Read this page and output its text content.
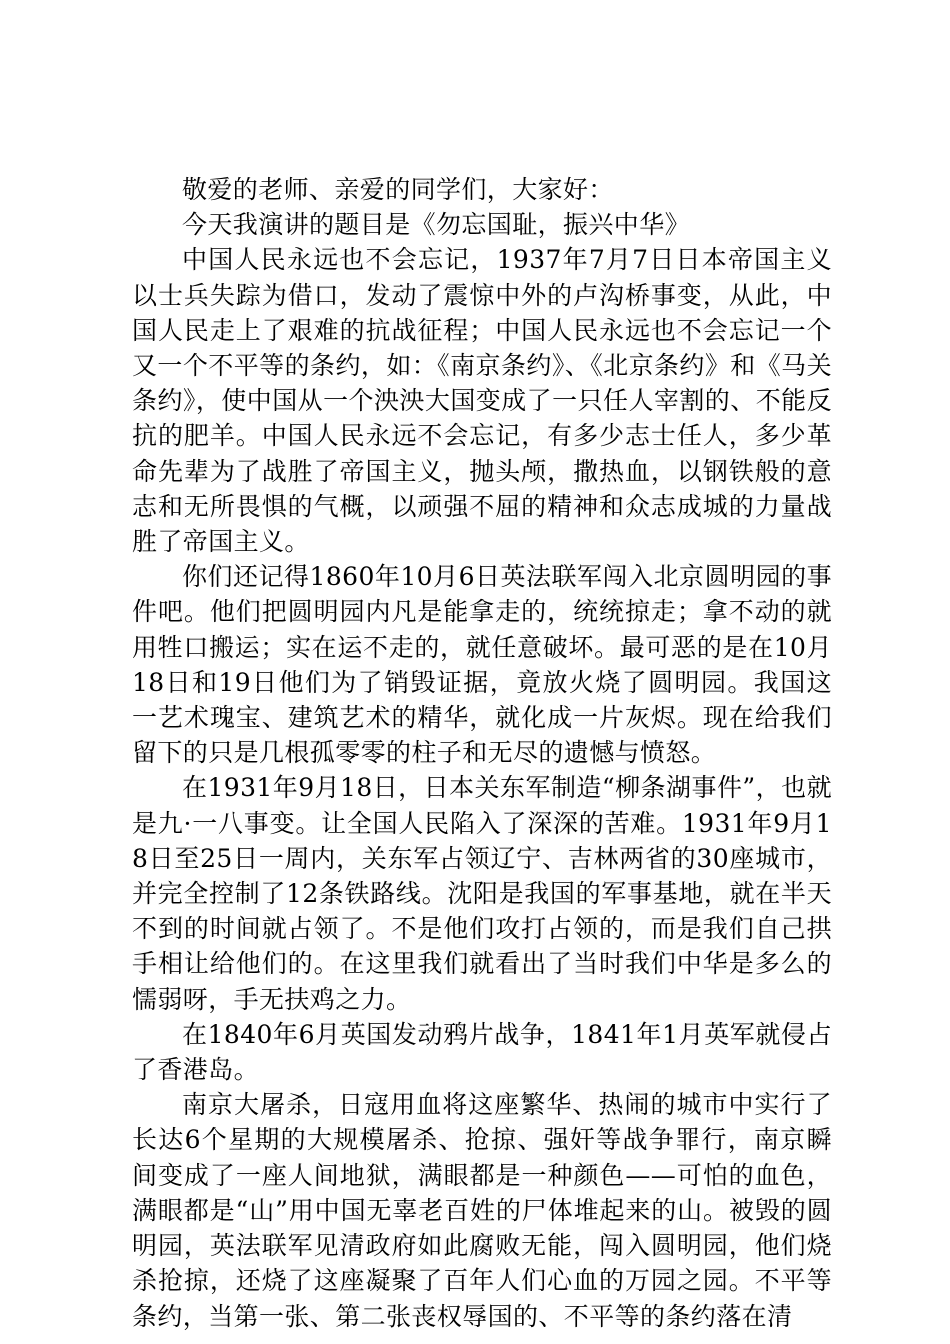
敬爱的老师、亲爱的同学们，大家好：

今天我演讲的题目是《勿忘国耻，振兴中华》

中国人民永远也不会忘记，1937年7月7日日本帝国主义以士兵失踪为借口，发动了震惊中外的卢沟桥事变，从此，中国人民走上了艰难的抗战征程；中国人民永远也不会忘记一个又一个不平等的条约，如：《南京条约》、《北京条约》和《马关条约》，使中国从一个泱泱大国变成了一只任人宰割的、不能反抗的肥羊。中国人民永远不会忘记，有多少志士任人，多少革命先辈为了战胜了帝国主义，抛头颅，撒热血，以钢铁般的意志和无所畏惧的气概，以顽强不屈的精神和众志成城的力量战胜了帝国主义。

你们还记得1860年10月6日英法联军闯入北京圆明园的事件吧。他们把圆明园内凡是能拿走的，统统掠走；拿不动的就用牲口搬运；实在运不走的，就任意破坏。最可恶的是在10月18日和19日他们为了销毁证据，竟放火烧了圆明园。我国这一艺术瑰宝、建筑艺术的精华，就化成一片灰烬。现在给我们留下的只是几根孤零零的柱子和无尽的遗憾与愤怒。

在1931年9月18日，日本关东军制造“柳条湖事件”，也就是九·一八事变。让全国人民陷入了深深的苦难。1931年9月18日至25日一周内，关东军占领辽宁、吉林两省的30座城市，并完全控制了12条铁路线。沈阳是我国的军事基地，就在半天不到的时间就占领了。不是他们攻打占领的，而是我们自己拱手相让给他们的。在这里我们就看出了当时我们中华是多么的懦弱呀，手无扶鸡之力。

在1840年6月英国发动鸦片战争，1841年1月英军就侵占了香港岛。

南京大屠杀，日寇用血将这座繁华、热闹的城市中实行了长达6个星期的大规模屠杀、抢掠、强奸等战争罪行，南京瞬间变成了一座人间地狱，满眼都是一种颜色——可怕的血色，满眼都是“山”用中国无辜老百姓的尸体堆起来的山。被毁的圆明园，英法联军见清政府如此腐败无能，闯入圆明园，他们烧杀抢掠，还烧了这座凝聚了百年人们心血的万园之园。不平等条约，当第一张、第二张丧权辱国的、不平等的条约落在清
